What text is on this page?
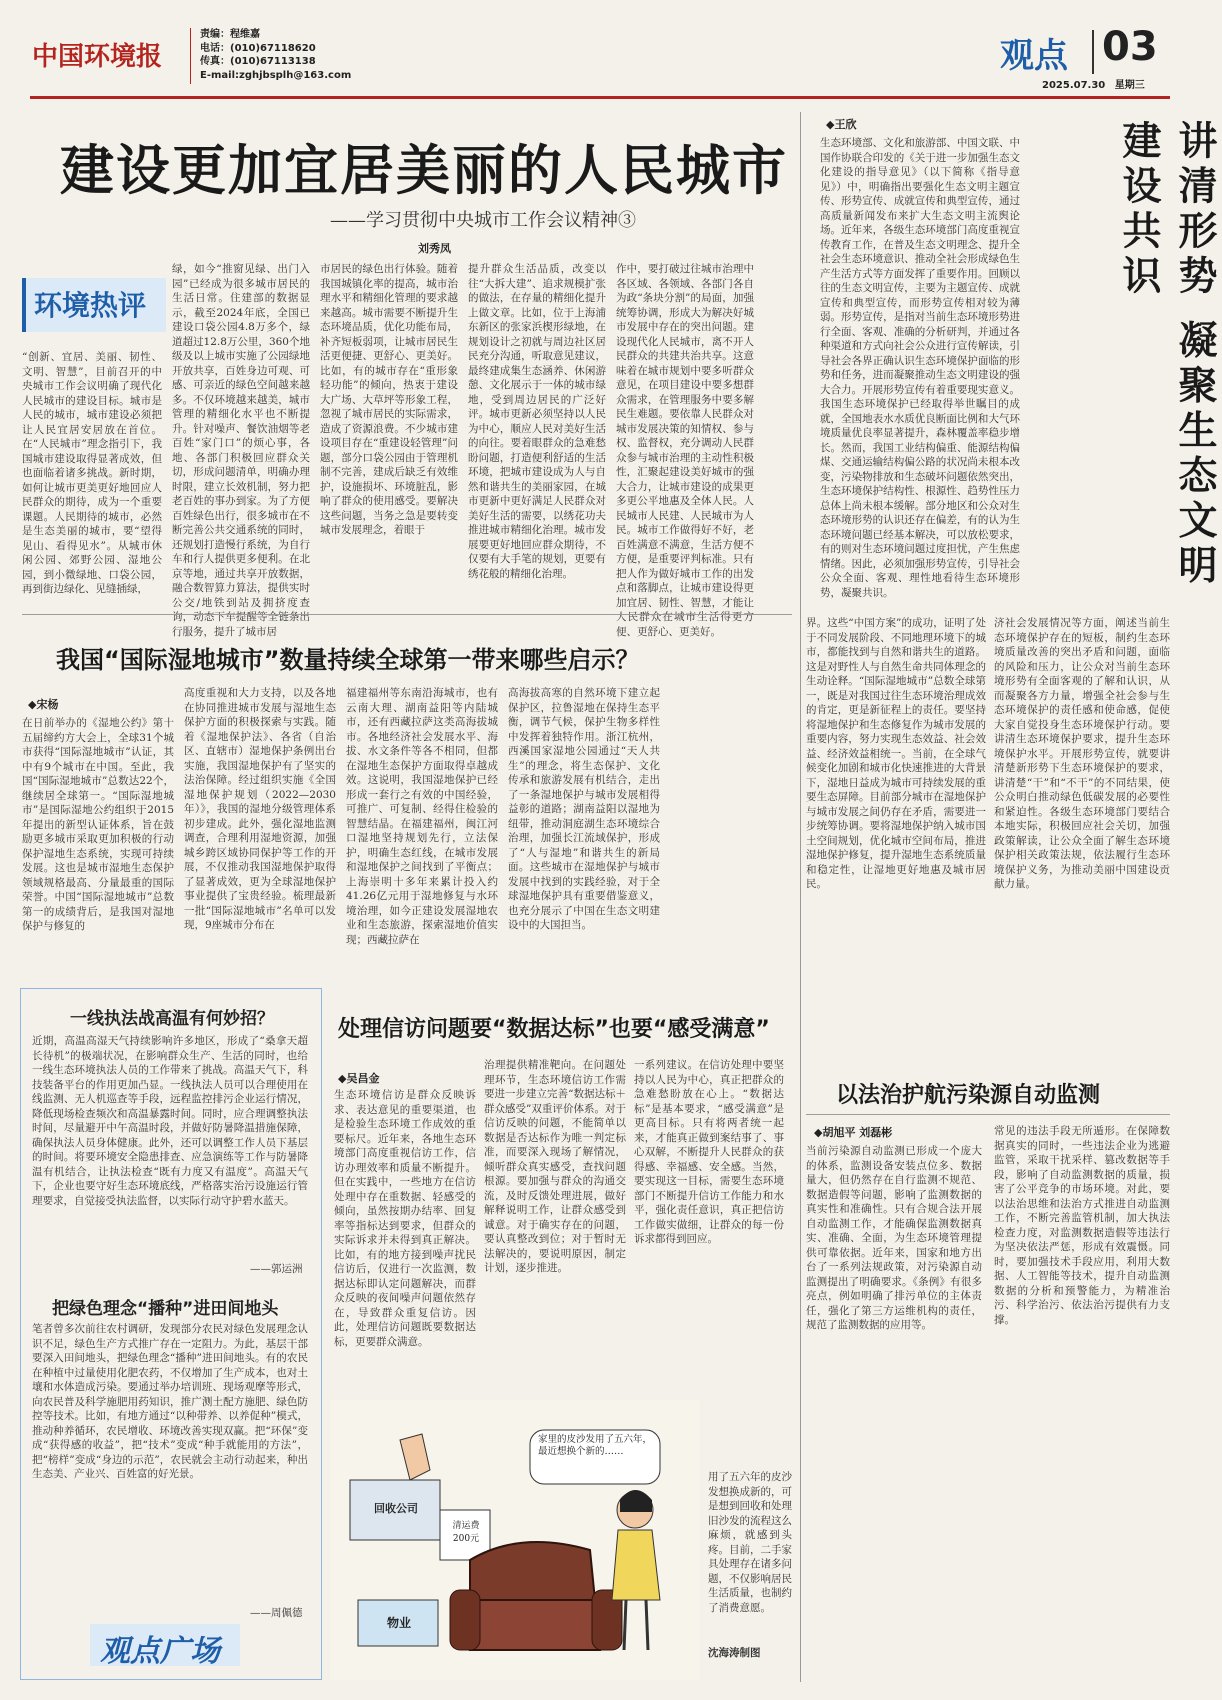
中国环境报
责编：程维嘉
电话：(010)67118620
传真：(010)67113138
E-mail:zghjbsplh@163.com	观点 03
2025.07.30 星期三
建设更加宜居美丽的人民城市
——学习贯彻中央城市工作会议精神③
刘秀凤
环境热评
“创新、宜居、美丽、韧性、文明、智慧”，目前召开的中央城市工作会议明确了现代化人民城市的建设目标。城市是人民的城市，城市建设必须把让人民宜居安居放在首位。在“人民城市”理念指引下，我国城市建设取得显著成效，但也面临着诸多挑战。新时期，如何让城市更美更好地回应人民群众的期待，成为一个重要课题。人民期待的城市，必然是生态美丽的城市，要“望得见山、看得见水”。从城市休闲公园、郊野公园、湿地公园，到小微绿地、口袋公园，再到街边绿化、见缝插绿，
绿，如今“推窗见绿、出门入园”已经成为很多城市居民的生活日常。住建部的数据显示，截至2024年底，全国已建设口袋公园4.8万多个，绿道超过12.8万公里，360个地级及以上城市实施了公园绿地开放共享，百姓身边可观、可感、可亲近的绿色空间越来越多。不仅环境越来越美，城市管理的精细化水平也不断提升。针对噪声、餐饮油烟等老百姓“家门口”的烦心事，各地、各部门积极回应群众关切，形成问题清单，明确办理时限，建立长效机制，努力把老百姓的事办到家。为了方便百姓绿色出行，很多城市在不断完善公共交通系统的同时，还规划打造慢行系统，为自行车和行人提供更多便利。在北京等地，通过共享开放数据，融合数智算力算法，提供实时公交/地铁到站及拥挤度查询，动态下车提醒等全链条出行服务，提升了城市居
市居民的绿色出行体验。随着我国城镇化率的提高，城市治理水平和精细化管理的要求越来越高。城市需要不断提升生态环境品质，优化功能布局，补齐短板弱项，让城市居民生活更便捷、更舒心、更美好。比如，有的城市存在“重形象轻功能”的倾向，热衷于建设大广场、大草坪等形象工程，忽视了城市居民的实际需求，造成了资源浪费。不少城市建设项目存在“重建设轻管理”问题，部分口袋公园由于管理机制不完善，建成后缺乏有效维护，设施损坏、环境脏乱，影响了群众的使用感受。要解决这些问题，当务之急是要转变城市发展理念，着眼于
提升群众生活品质，改变以往“大拆大建”、追求规模扩张的做法，在存量的精细化提升上做文章。比如，位于上海浦东新区的张家浜楔形绿地，在规划设计之初就与周边社区居民充分沟通，听取意见建议，最终建成集生态涵养、休闲游憩、文化展示于一体的城市绿地，受到周边居民的广泛好评。城市更新必须坚持以人民为中心，顺应人民对美好生活的向往。要着眼群众的急难愁盼问题，打造便利舒适的生活环境，把城市建设成为人与自然和谐共生的美丽家园，在城市更新中更好满足人民群众对美好生活的需要，以绣花功夫推进城市精细化治理。城市发展要更好地回应群众期待，不仅要有大手笔的规划，更要有绣花般的精细化治理。
作中，要打破过往城市治理中各区域、各领域、各部门各自为政“条块分割”的局面，加强统筹协调，形成大为解决好城市发展中存在的突出问题。建设现代化人民城市，离不开人民群众的共建共治共享。这意味着在城市规划中要多听群众意见，在项目建设中要多想群众需求，在管理服务中要多解民生难题。要依靠人民群众对城市发展决策的知情权、参与权、监督权，充分调动人民群众参与城市治理的主动性积极性，汇聚起建设美好城市的强大合力，让城市建设的成果更多更公平地惠及全体人民。人民城市人民建、人民城市为人民。城市工作做得好不好，老百姓满意不满意，生活方便不方便，是重要评判标准。只有把人作为做好城市工作的出发点和落脚点，让城市建设得更加宜居、韧性、智慧，才能让人民群众在城市生活得更方便、更舒心、更美好。
◆王欣
生态环境部、文化和旅游部、中国文联、中国作协联合印发的《关于进一步加强生态文化建设的指导意见》（以下简称《指导意见》）中，明确指出要强化生态文明主题宣传、形势宣传、成就宣传和典型宣传，通过高质量新闻发布来扩大生态文明主流舆论场。近年来，各级生态环境部门高度重视宣传教育工作，在普及生态文明理念、提升全社会生态环境意识、推动全社会形成绿色生产生活方式等方面发挥了重要作用。回顾以往的生态文明宣传，主要为主题宣传、成就宣传和典型宣传，而形势宣传相对较为薄弱。形势宣传，是指对当前生态环境形势进行全面、客观、准确的分析研判，并通过各种渠道和方式向社会公众进行宣传解读，引导社会各界正确认识生态环境保护面临的形势和任务，进而凝聚推动生态文明建设的强大合力。开展形势宣传有着重要现实意义。我国生态环境保护已经取得举世瞩目的成就，全国地表水水质优良断面比例和大气环境质量优良率显著提升，森林覆盖率稳步增长。然而，我国工业结构偏重、能源结构偏煤、交通运输结构偏公路的状况尚未根本改变，污染物排放和生态破坏问题依然突出，生态环境保护结构性、根源性、趋势性压力总体上尚未根本缓解。部分地区和公众对生态环境形势的认识还存在偏差，有的认为生态环境问题已经基本解决，可以放松要求，有的则对生态环境问题过度担忧，产生焦虑情绪。因此，必须加强形势宣传，引导社会公众全面、客观、理性地看待生态环境形势，凝聚共识。
讲清形势 凝聚生态文明建设共识
界。这些“中国方案”的成功，证明了处于不同发展阶段、不同地理环境下的城市，都能找到与自然和谐共生的道路。这是对野性人与自然生命共同体理念的生动诠释。“国际湿地城市”总数全球第一，既是对我国过往生态环境治理成效的肯定，更是新征程上的责任。要坚持将湿地保护和生态修复作为城市发展的重要内容，努力实现生态效益、社会效益、经济效益相统一。当前，在全球气候变化加剧和城市化快速推进的大背景下，湿地日益成为城市可持续发展的重要生态屏障。目前部分城市在湿地保护与城市发展之间仍存在矛盾，需要进一步统筹协调。要将湿地保护纳入城市国土空间规划，优化城市空间布局，推进湿地保护修复，提升湿地生态系统质量和稳定性，让湿地更好地惠及城市居民。
济社会发展情况等方面，阐述当前生态环境保护存在的短板，制约生态环境质量改善的突出矛盾和问题，面临的风险和压力，让公众对当前生态环境形势有全面客观的了解和认识，从而凝聚各方力量，增强全社会参与生态环境保护的责任感和使命感，促使大家自觉投身生态环境保护行动。要讲清生态环境保护要求，提升生态环境保护水平。开展形势宣传，就要讲清楚新形势下生态环境保护的要求，讲清楚“干”和“不干”的不同结果，使公众明白推动绿色低碳发展的必要性和紧迫性。各级生态环境部门要结合本地实际，积极回应社会关切，加强政策解读，让公众全面了解生态环境保护相关政策法规，依法履行生态环境保护义务，为推动美丽中国建设贡献力量。
我国“国际湿地城市”数量持续全球第一带来哪些启示？
◆宋杨
在日前举办的《湿地公约》第十五届缔约方大会上，全球31个城市获得“国际湿地城市”认证，其中有9个城市在中国。至此，我国“国际湿地城市”总数达22个，继续居全球第一。“国际湿地城市”是国际湿地公约组织于2015年提出的新型认证体系，旨在鼓励更多城市采取更加积极的行动保护湿地生态系统，实现可持续发展。这也是城市湿地生态保护领域规格最高、分量最重的国际荣誉。中国“国际湿地城市”总数第一的成绩背后，是我国对湿地保护与修复的
高度重视和大力支持，以及各地在协同推进城市发展与湿地生态保护方面的积极探索与实践。随着《湿地保护法》、各省（自治区、直辖市）湿地保护条例出台实施，我国湿地保护有了坚实的法治保障。经过组织实施《全国湿地保护规划（2022—2030年）》，我国的湿地分级管理体系初步建成。此外，强化湿地监测调查，合理利用湿地资源，加强城乡跨区域协同保护等工作的开展，不仅推动我国湿地保护取得了显著成效，更为全球湿地保护事业提供了宝贵经验。梳理最新一批“国际湿地城市”名单可以发现，9座城市分布在
福建福州等东南沿海城市，也有云南大理、湖南益阳等内陆城市，还有西藏拉萨这类高海拔城市。各地经济社会发展水平、海拔、水文条件等各不相同，但都在湿地生态保护方面取得卓越成效。这说明，我国湿地保护已经形成一套行之有效的中国经验，可推广、可复制、经得住检验的智慧结晶。在福建福州，闽江河口湿地坚持规划先行，立法保护，明确生态红线，在城市发展和湿地保护之间找到了平衡点；上海崇明十多年来累计投入约41.26亿元用于湿地修复与水环境治理，如今正建设发展湿地农业和生态旅游，探索湿地价值实现；西藏拉萨在
高海拔高寒的自然环境下建立起保护区，拉鲁湿地在保持生态平衡，调节气候，保护生物多样性中发挥着独特作用。浙江杭州，西溪国家湿地公园通过“天人共生”的理念，将生态保护、文化传承和旅游发展有机结合，走出了一条湿地保护与城市发展相得益彰的道路；湖南益阳以湿地为纽带，推动洞庭湖生态环境综合治理，加强长江流域保护，形成了“人与湿地”和谐共生的新局面。这些城市在湿地保护与城市发展中找到的实践经验，对于全球湿地保护具有重要借鉴意义，也充分展示了中国在生态文明建设中的大国担当。
一线执法战高温有何妙招？
近期，高温高湿天气持续影响许多地区，形成了“桑拿天超长待机”的极端状况，在影响群众生产、生活的同时，也给一线生态环境执法人员的工作带来了挑战。高温天气下，科技装备平台的作用更加凸显。一线执法人员可以合理使用在线监测、无人机巡查等手段，远程监控排污企业运行情况，降低现场检查频次和高温暴露时间。同时，应合理调整执法时间，尽量避开中午高温时段，并做好防暑降温措施保障，确保执法人员身体健康。此外，还可以调整工作人员下基层的时间。将要环境安全隐患排查、应急演练等工作与防暑降温有机结合，让执法检查“既有力度又有温度”。高温天气下，企业也要守好生态环境底线，严格落实治污设施运行管理要求，自觉接受执法监督，以实际行动守护碧水蓝天。
——郭运洲
把绿色理念“播种”进田间地头
笔者曾多次前往农村调研，发现部分农民对绿色发展理念认识不足，绿色生产方式推广存在一定阻力。为此，基层干部要深入田间地头，把绿色理念“播种”进田间地头。有的农民在种植中过量使用化肥农药，不仅增加了生产成本，也对土壤和水体造成污染。要通过举办培训班、现场观摩等形式，向农民普及科学施肥用药知识，推广测土配方施肥、绿色防控等技术。比如，有地方通过“以种带养、以养促种”模式，推动种养循环，农民增收、环境改善实现双赢。把“环保”变成“获得感的收益”，把“技术”变成“种手就能用的方法”，把“榜样”变成“身边的示范”，农民就会主动行动起来，种出生态美、产业兴、百姓富的好光景。
——周佩德
观点广场
处理信访问题要“数据达标”也要“感受满意”
◆吴昌金
生态环境信访是群众反映诉求、表达意见的重要渠道，也是检验生态环境工作成效的重要标尺。近年来，各地生态环境部门高度重视信访工作，信访办理效率和质量不断提升。但在实践中，一些地方在信访处理中存在重数据、轻感受的倾向，虽然按期办结率、回复率等指标达到要求，但群众的实际诉求并未得到真正解决。比如，有的地方接到噪声扰民信访后，仅进行一次监测，数据达标即认定问题解决，而群众反映的夜间噪声问题依然存在，导致群众重复信访。因此，处理信访问题既要数据达标，更要群众满意。
治理提供精准靶向。在问题处理环节，生态环境信访工作需要进一步建立完善“数据达标＋群众感受”双重评价体系。对于信访反映的问题，不能简单以数据是否达标作为唯一判定标准，而要深入现场了解情况，倾听群众真实感受，查找问题根源。要加强与群众的沟通交流，及时反馈处理进展，做好解释说明工作，让群众感受到诚意。对于确实存在的问题，要认真整改到位；对于暂时无法解决的，要说明原因，制定计划，逐步推进。
一系列建议。在信访处理中要坚持以人民为中心，真正把群众的急难愁盼放在心上。“数据达标”是基本要求，“感受满意”是更高目标。只有将两者统一起来，才能真正做到案结事了、事心双解，不断提升人民群众的获得感、幸福感、安全感。当然，要实现这一目标，需要生态环境部门不断提升信访工作能力和水平，强化责任意识，真正把信访工作做实做细，让群众的每一份诉求都得到回应。
家里的皮沙发用了五六年，最近想换个新的……
回收公司
清运费 200元
物业
用了五六年的皮沙发想换成新的，可是想到回收和处理旧沙发的流程这么麻烦，就感到头疼。目前，二手家具处理存在诸多问题，不仅影响居民生活质量，也制约了消费意愿。
沈海涛制图
以法治护航污染源自动监测
◆胡旭平 刘磊彬
当前污染源自动监测已形成一个庞大的体系，监测设备安装点位多、数据量大，但仍然存在自行监测不规范、数据造假等问题，影响了监测数据的真实性和准确性。只有合规合法开展自动监测工作，才能确保监测数据真实、准确、全面，为生态环境管理提供可靠依据。近年来，国家和地方出台了一系列法规政策，对污染源自动监测提出了明确要求。《条例》有很多亮点，例如明确了排污单位的主体责任，强化了第三方运维机构的责任，规范了监测数据的应用等。
常见的违法手段无所遁形。在保障数据真实的同时，一些违法企业为逃避监管，采取干扰采样、篡改数据等手段，影响了自动监测数据的质量，损害了公平竞争的市场环境。对此，要以法治思维和法治方式推进自动监测工作，不断完善监管机制，加大执法检查力度，对监测数据造假等违法行为坚决依法严惩，形成有效震慑。同时，要加强技术手段应用，利用大数据、人工智能等技术，提升自动监测数据的分析和预警能力，为精准治污、科学治污、依法治污提供有力支撑。
